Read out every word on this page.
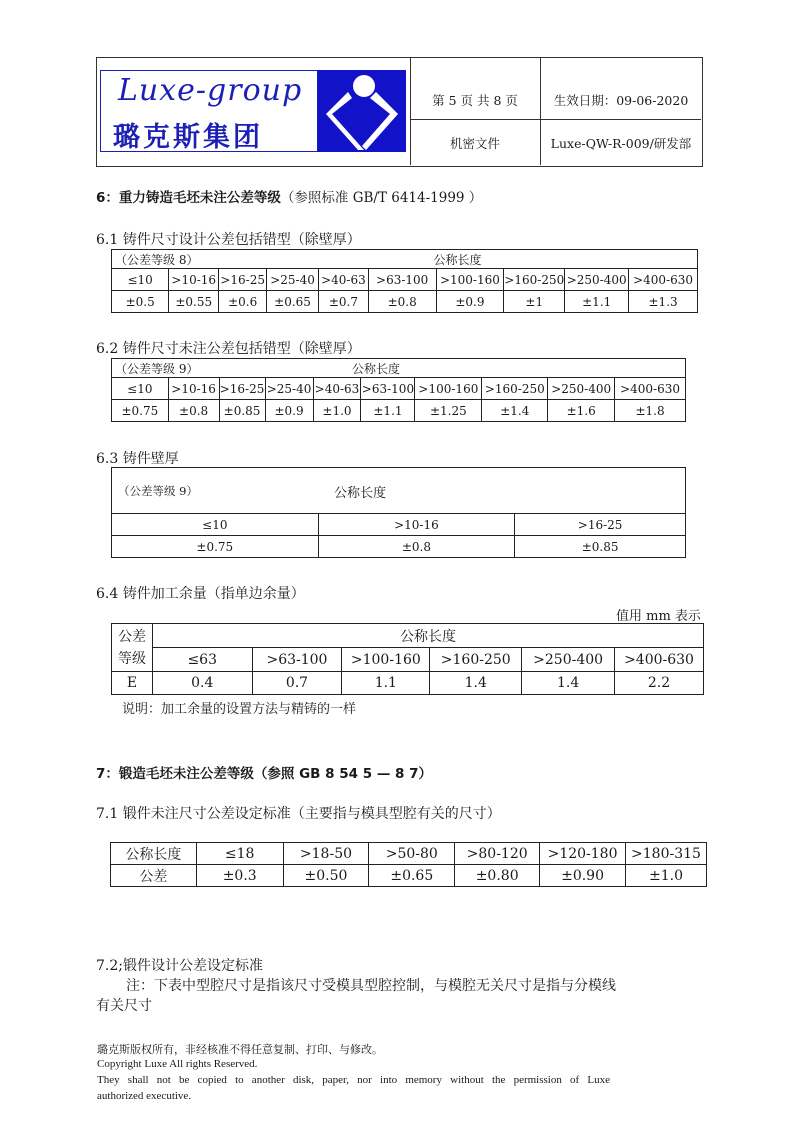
Luxe-group
璐克斯集团
第 5 页 共 8 页
机密文件
生效日期：09-06-2020
Luxe-QW-R-009/研发部
6：重力铸造毛坯未注公差等级（参照标准 GB/T 6414-1999 ）
6.1 铸件尺寸设计公差包括错型（除壁厚）
（公差等级 8） 公称长度									

≤10	>10-16	>16-25	>25-40	>40-63	>63-100	>100-160	>160-250	>250-400	>400-630
±0.5	±0.55	±0.6	±0.65	±0.7	±0.8	±0.9	±1	±1.1	±1.3
6.2 铸件尺寸未注公差包括错型（除壁厚）
（公差等级 9） 公称长度									

≤10	>10-16	>16-25	>25-40	>40-63	>63-100	>100-160	>160-250	>250-400	>400-630
±0.75	±0.8	±0.85	±0.9	±1.0	±1.1	±1.25	±1.4	±1.6	±1.8
6.3 铸件壁厚
（公差等级 9） 公称长度		

≤10	>10-16	>16-25
±0.75	±0.8	±0.85
6.4 铸件加工余量（指单边余量）
值用 mm 表示
公差	公称长度					
等级	≤63	>63-100	>100-160	>160-250	>250-400	>400-630
E	0.4	0.7	1.1	1.4	1.4	2.2
说明：加工余量的设置方法与精铸的一样
7：锻造毛坯未注公差等级（参照 GB 8 54 5 — 8 7）
7.1 锻件未注尺寸公差设定标准（主要指与模具型腔有关的尺寸）
公称长度	≤18	>18-50	>50-80	>80-120	>120-180	>180-315
公差	±0.3	±0.50	±0.65	±0.80	±0.90	±1.0
7.2;锻件设计公差设定标准
注：下表中型腔尺寸是指该尺寸受模具型腔控制，与模腔无关尺寸是指与分模线
有关尺寸
璐克斯版权所有，非经核准不得任意复制、打印、与修改。
Copyright Luxe All rights Reserved.
They shall not be copied to another disk, paper, nor into memory without the permission of Luxe
authorized executive.
